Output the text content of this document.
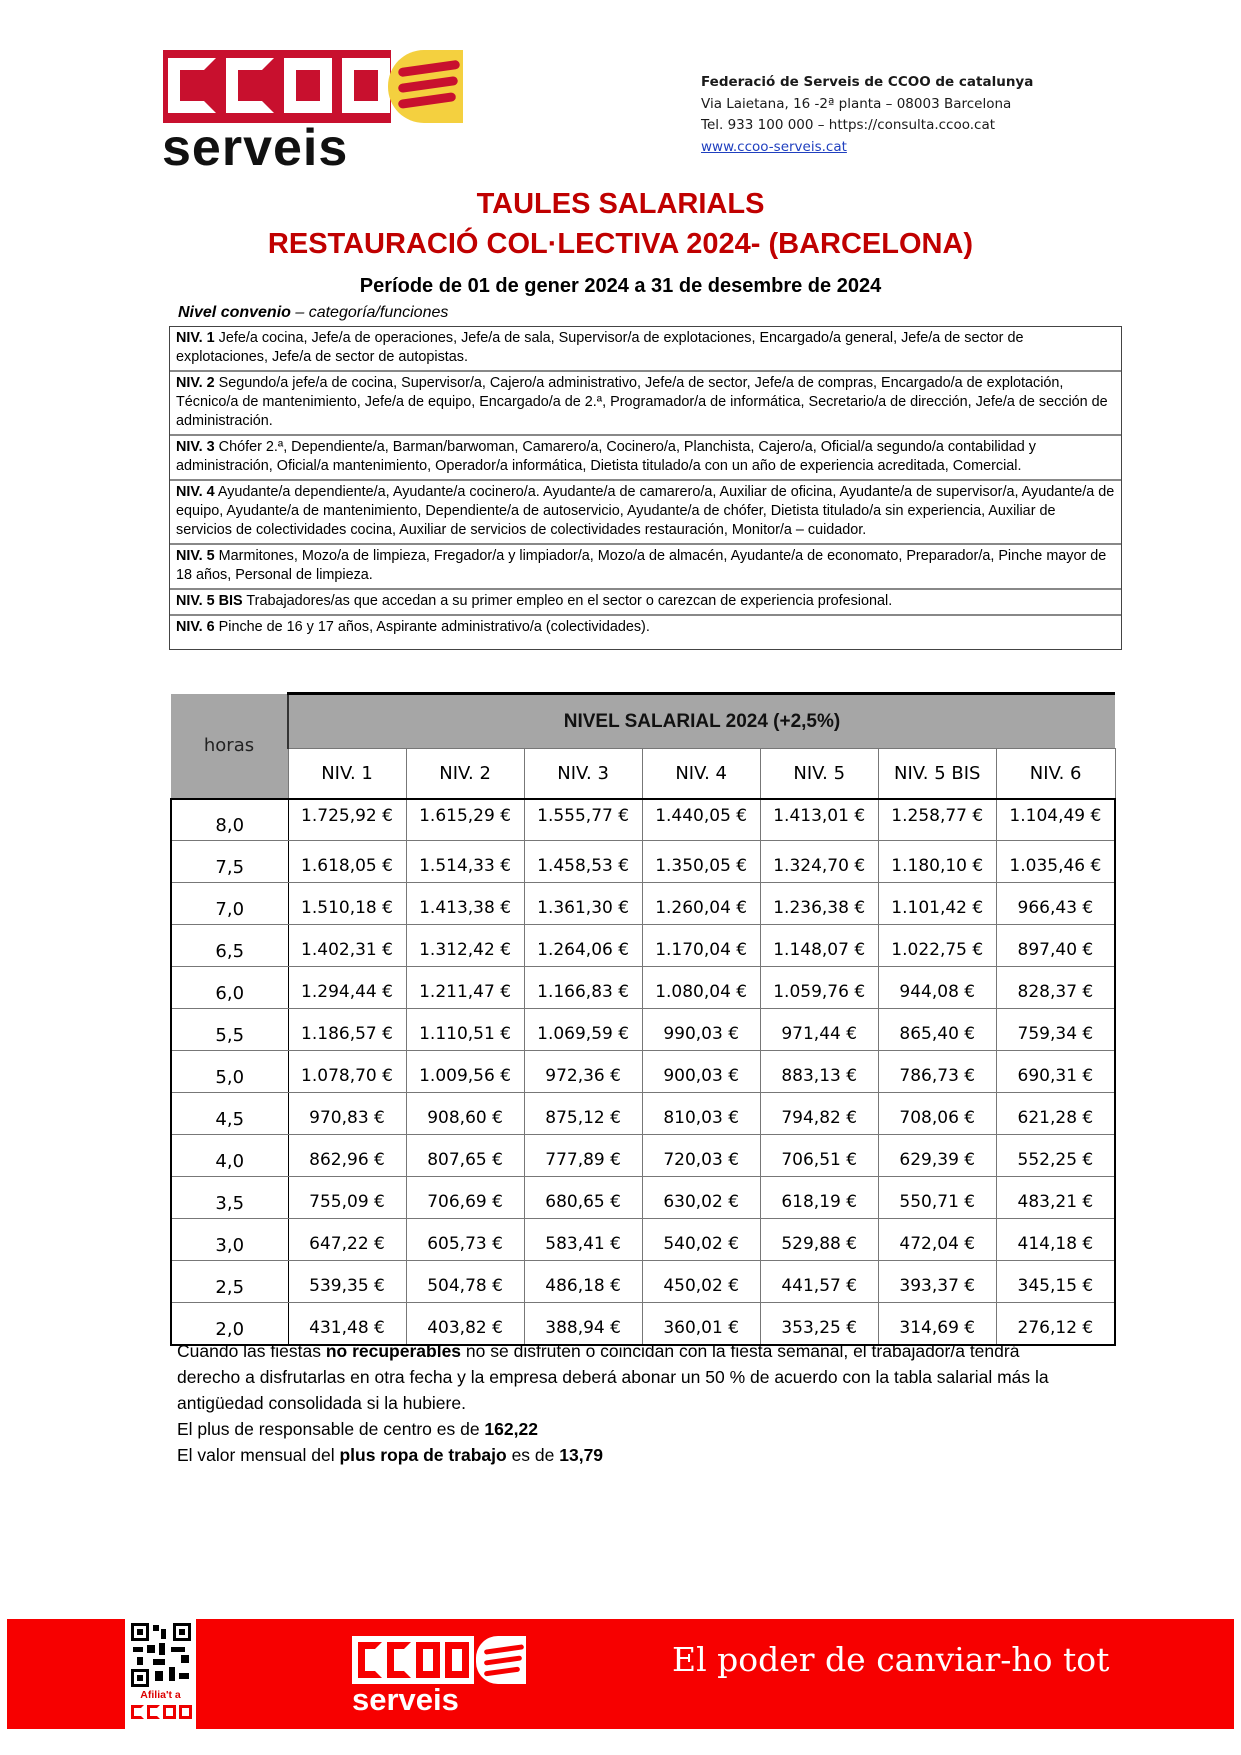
serveis
Federació de Serveis de CCOO de catalunya
Via Laietana, 16 -2ª planta – 08003 Barcelona
Tel. 933 100 000 – https://consulta.ccoo.cat
www.ccoo-serveis.cat
TAULES SALARIALS
RESTAURACIÓ COL·LECTIVA 2024- (BARCELONA)
Període de 01 de gener 2024 a 31 de desembre de 2024
Nivel convenio – categoría/funciones
NIV. 1 Jefe/a cocina, Jefe/a de operaciones, Jefe/a de sala, Supervisor/a de explotaciones, Encargado/a general, Jefe/a de sector de explotaciones, Jefe/a de sector de autopistas.
NIV. 2 Segundo/a jefe/a de cocina, Supervisor/a, Cajero/a administrativo, Jefe/a de sector, Jefe/a de compras, Encargado/a de explotación, Técnico/a de mantenimiento, Jefe/a de equipo, Encargado/a de 2.ª, Programador/a de informática, Secretario/a de dirección, Jefe/a de sección de administración.
NIV. 3 Chófer 2.ª, Dependiente/a, Barman/barwoman, Camarero/a, Cocinero/a, Planchista, Cajero/a, Oficial/a segundo/a contabilidad y administración, Oficial/a mantenimiento, Operador/a informática, Dietista titulado/a con un año de experiencia acreditada, Comercial.
NIV. 4 Ayudante/a dependiente/a, Ayudante/a cocinero/a. Ayudante/a de camarero/a, Auxiliar de oficina, Ayudante/a de supervisor/a, Ayudante/a de equipo, Ayudante/a de mantenimiento, Dependiente/a de autoservicio, Ayudante/a de chófer, Dietista titulado/a sin experiencia, Auxiliar de servicios de colectividades cocina, Auxiliar de servicios de colectividades restauración, Monitor/a – cuidador.
NIV. 5 Marmitones, Mozo/a de limpieza, Fregador/a y limpiador/a, Mozo/a de almacén, Ayudante/a de economato, Preparador/a, Pinche mayor de 18 años, Personal de limpieza.
NIV. 5 BIS Trabajadores/as que accedan a su primer empleo en el sector o carezcan de experiencia profesional.
NIV. 6 Pinche de 16 y 17 años, Aspirante administrativo/a (colectividades).
horas	NIVEL SALARIAL 2024 (+2,5%)						
	NIV. 1	NIV. 2	NIV. 3	NIV. 4	NIV. 5	NIV. 5 BIS	NIV. 6
8,0	1.725,92 €	1.615,29 €	1.555,77 €	1.440,05 €	1.413,01 €	1.258,77 €	1.104,49 €
7,5	1.618,05 €	1.514,33 €	1.458,53 €	1.350,05 €	1.324,70 €	1.180,10 €	1.035,46 €
7,0	1.510,18 €	1.413,38 €	1.361,30 €	1.260,04 €	1.236,38 €	1.101,42 €	966,43 €
6,5	1.402,31 €	1.312,42 €	1.264,06 €	1.170,04 €	1.148,07 €	1.022,75 €	897,40 €
6,0	1.294,44 €	1.211,47 €	1.166,83 €	1.080,04 €	1.059,76 €	944,08 €	828,37 €
5,5	1.186,57 €	1.110,51 €	1.069,59 €	990,03 €	971,44 €	865,40 €	759,34 €
5,0	1.078,70 €	1.009,56 €	972,36 €	900,03 €	883,13 €	786,73 €	690,31 €
4,5	970,83 €	908,60 €	875,12 €	810,03 €	794,82 €	708,06 €	621,28 €
4,0	862,96 €	807,65 €	777,89 €	720,03 €	706,51 €	629,39 €	552,25 €
3,5	755,09 €	706,69 €	680,65 €	630,02 €	618,19 €	550,71 €	483,21 €
3,0	647,22 €	605,73 €	583,41 €	540,02 €	529,88 €	472,04 €	414,18 €
2,5	539,35 €	504,78 €	486,18 €	450,02 €	441,57 €	393,37 €	345,15 €
2,0	431,48 €	403,82 €	388,94 €	360,01 €	353,25 €	314,69 €	276,12 €

Cuando las fiestas no recuperables no se disfruten o coincidan con la fiesta semanal, el trabajador/a tendrá derecho a disfrutarlas en otra fecha y la empresa deberá abonar un 50 % de acuerdo con la tabla salarial más la antigüedad consolidada si la hubiere.

El plus de responsable de centro es de 162,22

El valor mensual del plus ropa de trabajo es de 13,79

Afilia't a	serveis
El poder de canviar-ho tot
